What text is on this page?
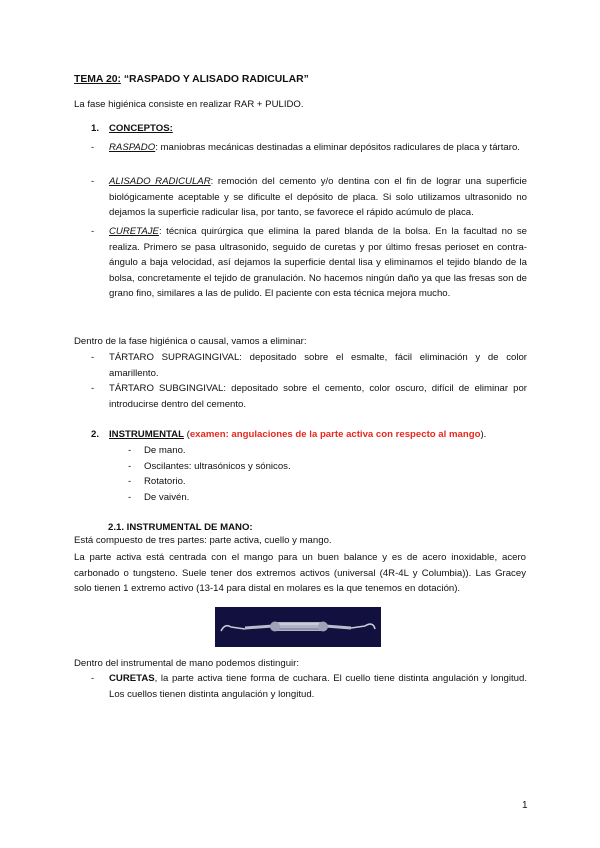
TEMA 20: “RASPADO Y ALISADO RADICULAR”
La fase higiénica consiste en realizar RAR + PULIDO.
1. CONCEPTOS:
- RASPADO: maniobras mecánicas destinadas a eliminar depósitos radiculares de placa y tártaro.
- ALISADO RADICULAR: remoción del cemento y/o dentina con el fin de lograr una superficie biológicamente aceptable y se dificulte el depósito de placa. Si solo utilizamos ultrasonido no dejamos la superficie radicular lisa, por tanto, se favorece el rápido acúmulo de placa.
- CURETAJE: técnica quirúrgica que elimina la pared blanda de la bolsa. En la facultad no se realiza. Primero se pasa ultrasonido, seguido de curetas y por último fresas perioset en contra-ángulo a baja velocidad, así dejamos la superficie dental lisa y eliminamos el tejido blando de la bolsa, concretamente el tejido de granulación. No hacemos ningún daño ya que las fresas son de grano fino, similares a las de pulido. El paciente con esta técnica mejora mucho.
Dentro de la fase higiénica o causal, vamos a eliminar:
- TÁRTARO SUPRAGINGIVAL: depositado sobre el esmalte, fácil eliminación y de color amarillento.
- TÁRTARO SUBGINGIVAL: depositado sobre el cemento, color oscuro, difícil de eliminar por introducirse dentro del cemento.
2. INSTRUMENTAL (examen: angulaciones de la parte activa con respecto al mango).
- De mano.
- Oscilantes: ultrasónicos y sónicos.
- Rotatorio.
- De vaivén.
2.1. INSTRUMENTAL DE MANO:
Está compuesto de tres partes: parte activa, cuello y mango.
La parte activa está centrada con el mango para un buen balance y es de acero inoxidable, acero carbonado o tungsteno. Suele tener dos extremos activos (universal (4R-4L y Columbia)). Las Gracey solo tienen 1 extremo activo (13-14 para distal en molares es la que tenemos en dotación).
Dentro del instrumental de mano podemos distinguir:
- CURETAS, la parte activa tiene forma de cuchara. El cuello tiene distinta angulación y longitud. Los cuellos tienen distinta angulación y longitud.
1
